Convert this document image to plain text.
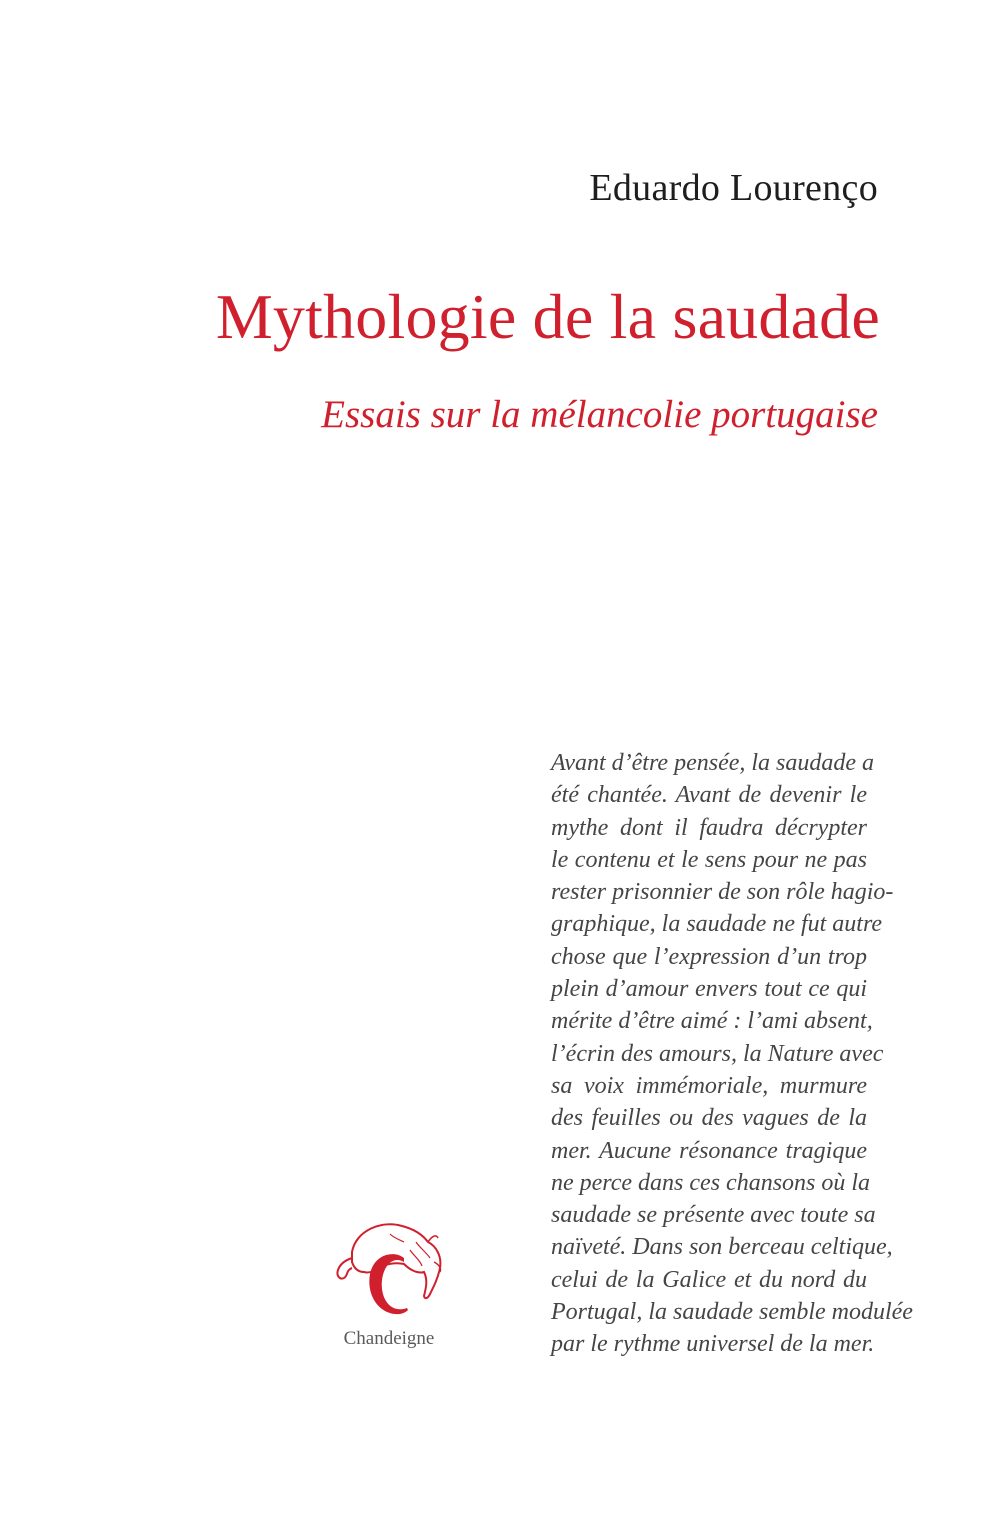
Eduardo Lourenço
Mythologie de la saudade
Essais sur la mélancolie portugaise
Avant d’être pensée, la saudade a
été chantée. Avant de devenir le
mythe dont il faudra décrypter
le contenu et le sens pour ne pas
rester prisonnier de son rôle hagio-
graphique, la saudade ne fut autre
chose que l’expression d’un trop
plein d’amour envers tout ce qui
mérite d’être aimé : l’ami absent,
l’écrin des amours, la Nature avec
sa voix immémoriale, murmure
des feuilles ou des vagues de la
mer. Aucune résonance tragique
ne perce dans ces chansons où la
saudade se présente avec toute sa
naïveté. Dans son berceau celtique,
celui de la Galice et du nord du
Portugal, la saudade semble modulée
par le rythme universel de la mer.
Chandeigne
